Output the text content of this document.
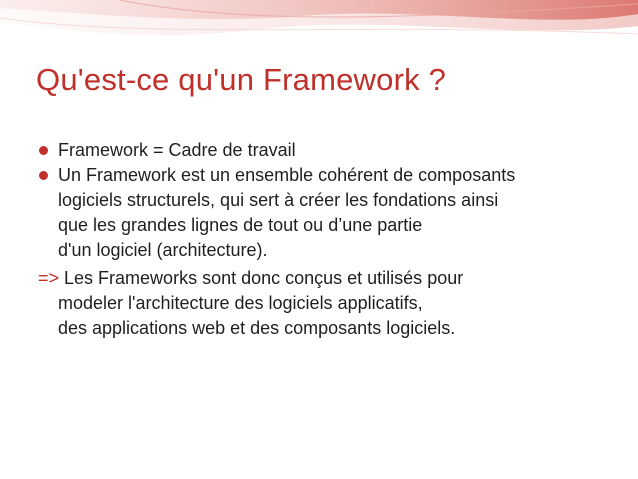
Qu'est-ce qu'un Framework ?
Framework = Cadre de travail
Un Framework est un ensemble cohérent de composants
logiciels structurels, qui sert à créer les fondations ainsi
que les grandes lignes de tout ou d’une partie
d'un logiciel (architecture).
=> Les Frameworks sont donc conçus et utilisés pour
modeler l'architecture des logiciels applicatifs,
des applications web et des composants logiciels.
